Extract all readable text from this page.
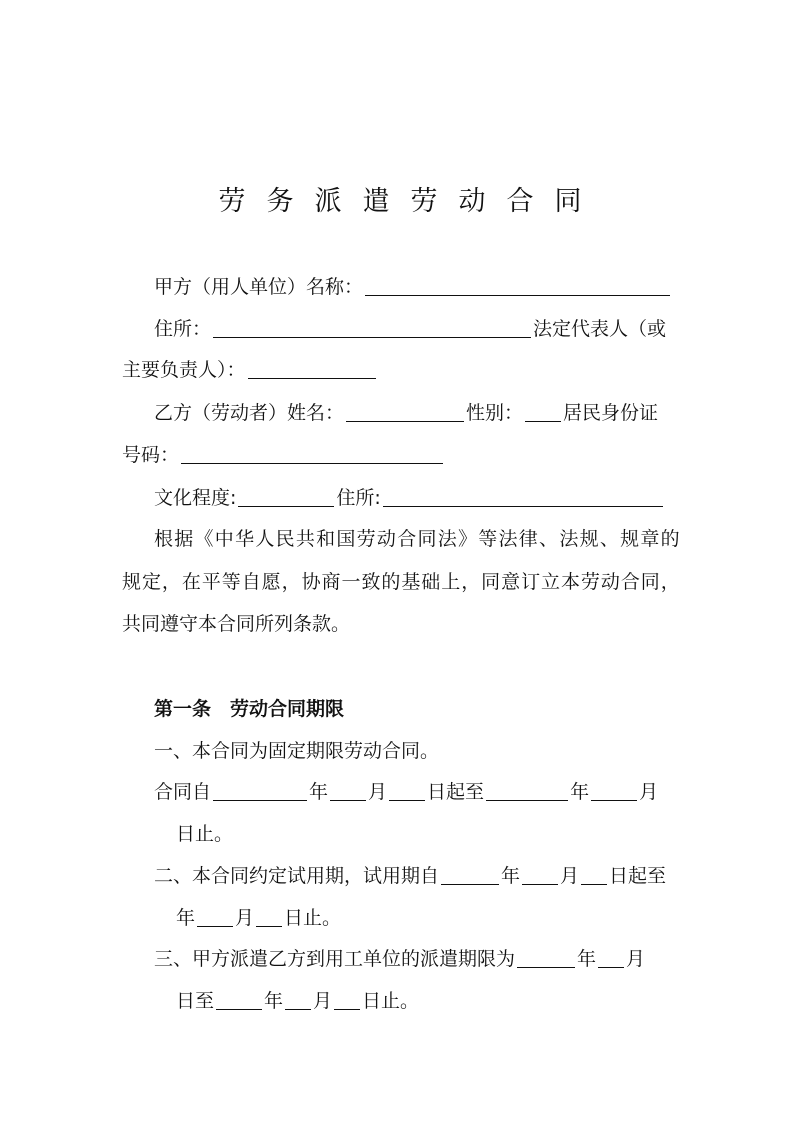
劳 务 派 遣 劳 动 合 同
甲方（用人单位）名称：
住所：	法定代表人（或
主要负责人）：
乙方（劳动者）姓名：	性别： 居民身份证
号码：
文化程度:	住所:
根 据 《 中 华 人 民 共 和 国 劳 动 合 同 法 》 等 法 律 、 法 规 、 规 章 的
规 定 ， 在 平 等 自 愿 ， 协 商 一 致 的 基 础 上 ， 同 意 订 立 本 劳 动 合 同 ，
共同遵守本合同所列条款。
第一条　劳动合同期限
一、本合同为固定期限劳动合同。
合同自	年 月 日起至	年	月
日止。
二、本合同约定试用期，试用期自	年 月 日起至
年 月 日止。
三、甲方派遣乙方到用工单位的派遣期限为	年 月
日至	年 月 日止。
